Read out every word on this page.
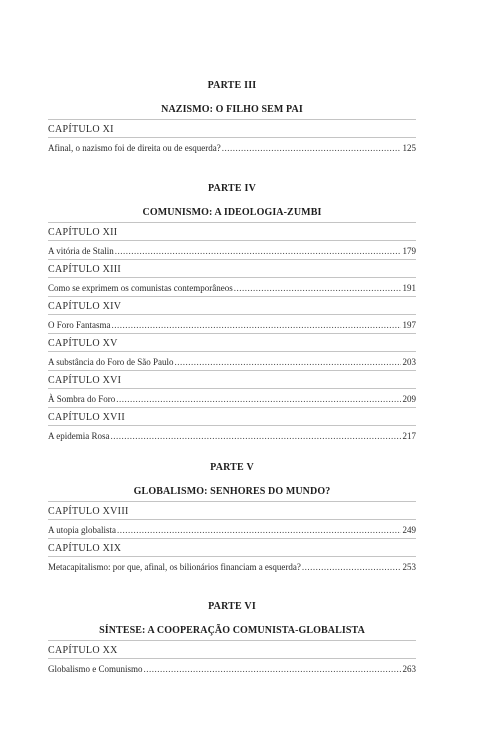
PARTE III
NAZISMO: O FILHO SEM PAI
CAPÍTULO XI
Afinal, o nazismo foi de direita ou de esquerda? .....	125
PARTE IV
COMUNISMO: A IDEOLOGIA-ZUMBI
CAPÍTULO XII
A vitória de Stalin .....	179
CAPÍTULO XIII
Como se exprimem os comunistas contemporâneos .....	191
CAPÍTULO XIV
O Foro Fantasma .....	197
CAPÍTULO XV
A substância do Foro de São Paulo .....	203
CAPÍTULO XVI
À Sombra do Foro .....	209
CAPÍTULO XVII
A epidemia Rosa .....	217
PARTE V
GLOBALISMO: SENHORES DO MUNDO?
CAPÍTULO XVIII
A utopia globalista .....	249
CAPÍTULO XIX
Metacapitalismo: por que, afinal, os bilionários financiam a esquerda? .....	253
PARTE VI
SÍNTESE: A COOPERAÇÃO COMUNISTA-GLOBALISTA
CAPÍTULO XX
Globalismo e Comunismo .....	263
